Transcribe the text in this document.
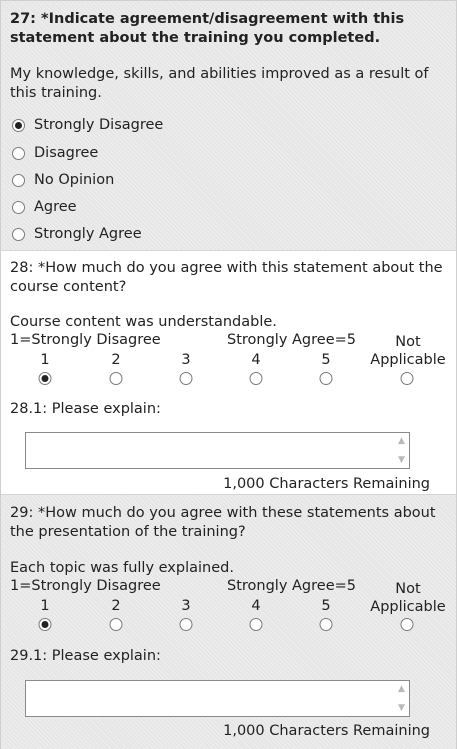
27: *Indicate agreement/disagreement with this statement about the training you completed.
My knowledge, skills, and abilities improved as a result of this training.
Strongly Disagree
Disagree
No Opinion
Agree
Strongly Agree
28: *How much do you agree with this statement about the course content?
Course content was understandable.
1=Strongly Disagree	Strongly Agree=5	Not
Applicable
1	2	3	4	5
28.1: Please explain:
▲
▼
1,000 Characters Remaining
29: *How much do you agree with these statements about the presentation of the training?
Each topic was fully explained.
1=Strongly Disagree	Strongly Agree=5	Not
Applicable
1	2	3	4	5
29.1: Please explain:
▲
▼
1,000 Characters Remaining
